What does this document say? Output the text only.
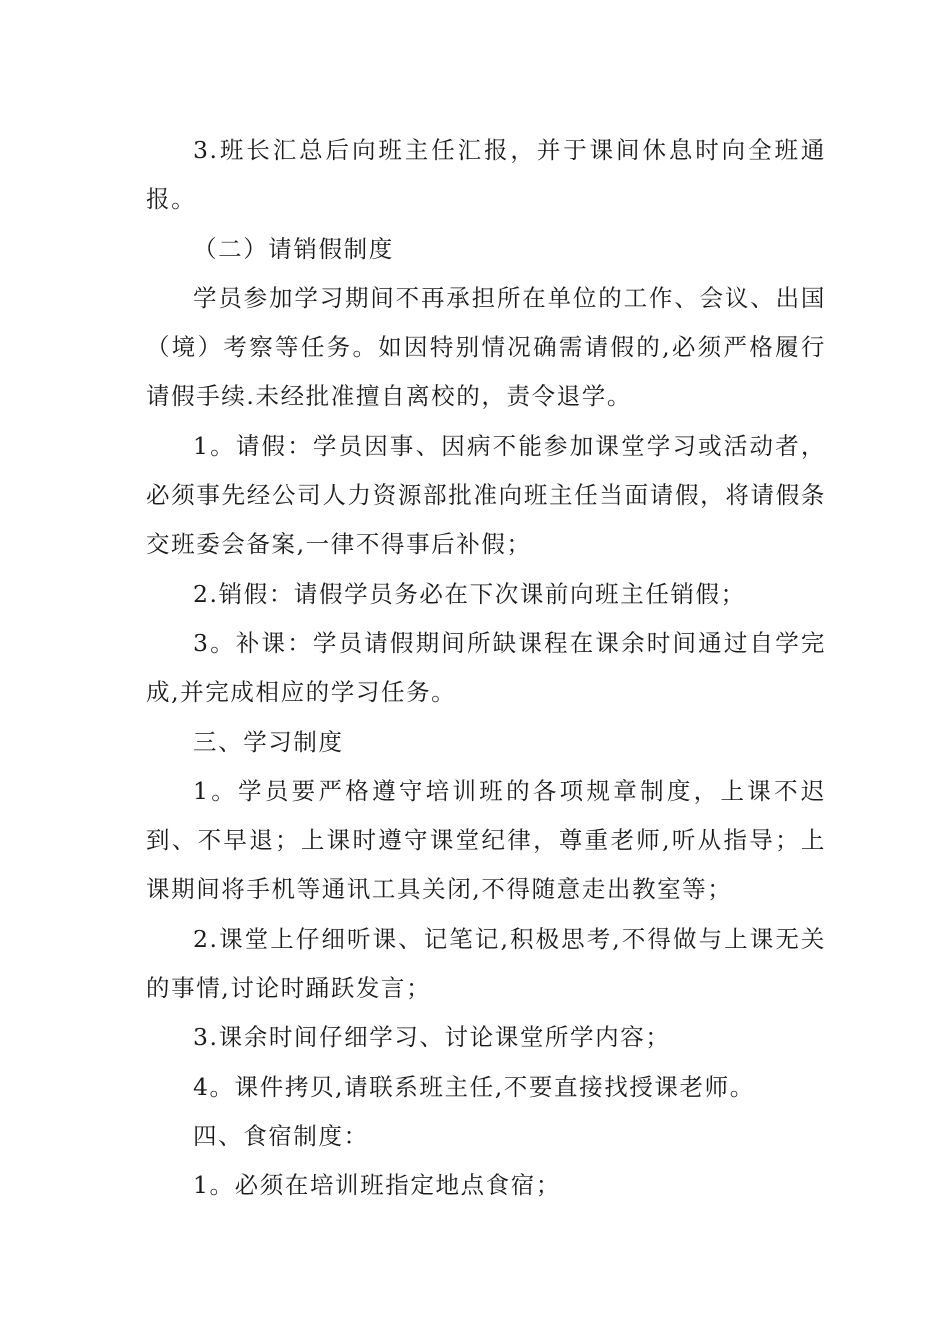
3.班长汇总后向班主任汇报，并于课间休息时向全班通报。

（二）请销假制度

学员参加学习期间不再承担所在单位的工作、会议、出国（境）考察等任务。如因特别情况确需请假的,必须严格履行请假手续.未经批准擅自离校的，责令退学。

1。请假：学员因事、因病不能参加课堂学习或活动者，必须事先经公司人力资源部批准向班主任当面请假，将请假条交班委会备案,一律不得事后补假；

2.销假：请假学员务必在下次课前向班主任销假；

3。补课：学员请假期间所缺课程在课余时间通过自学完成,并完成相应的学习任务。

三、学习制度

1。学员要严格遵守培训班的各项规章制度，上课不迟到、不早退；上课时遵守课堂纪律，尊重老师,听从指导；上课期间将手机等通讯工具关闭,不得随意走出教室等；

2.课堂上仔细听课、记笔记,积极思考,不得做与上课无关的事情,讨论时踊跃发言；

3.课余时间仔细学习、讨论课堂所学内容；

4。课件拷贝,请联系班主任,不要直接找授课老师。

四、食宿制度：

1。必须在培训班指定地点食宿；
